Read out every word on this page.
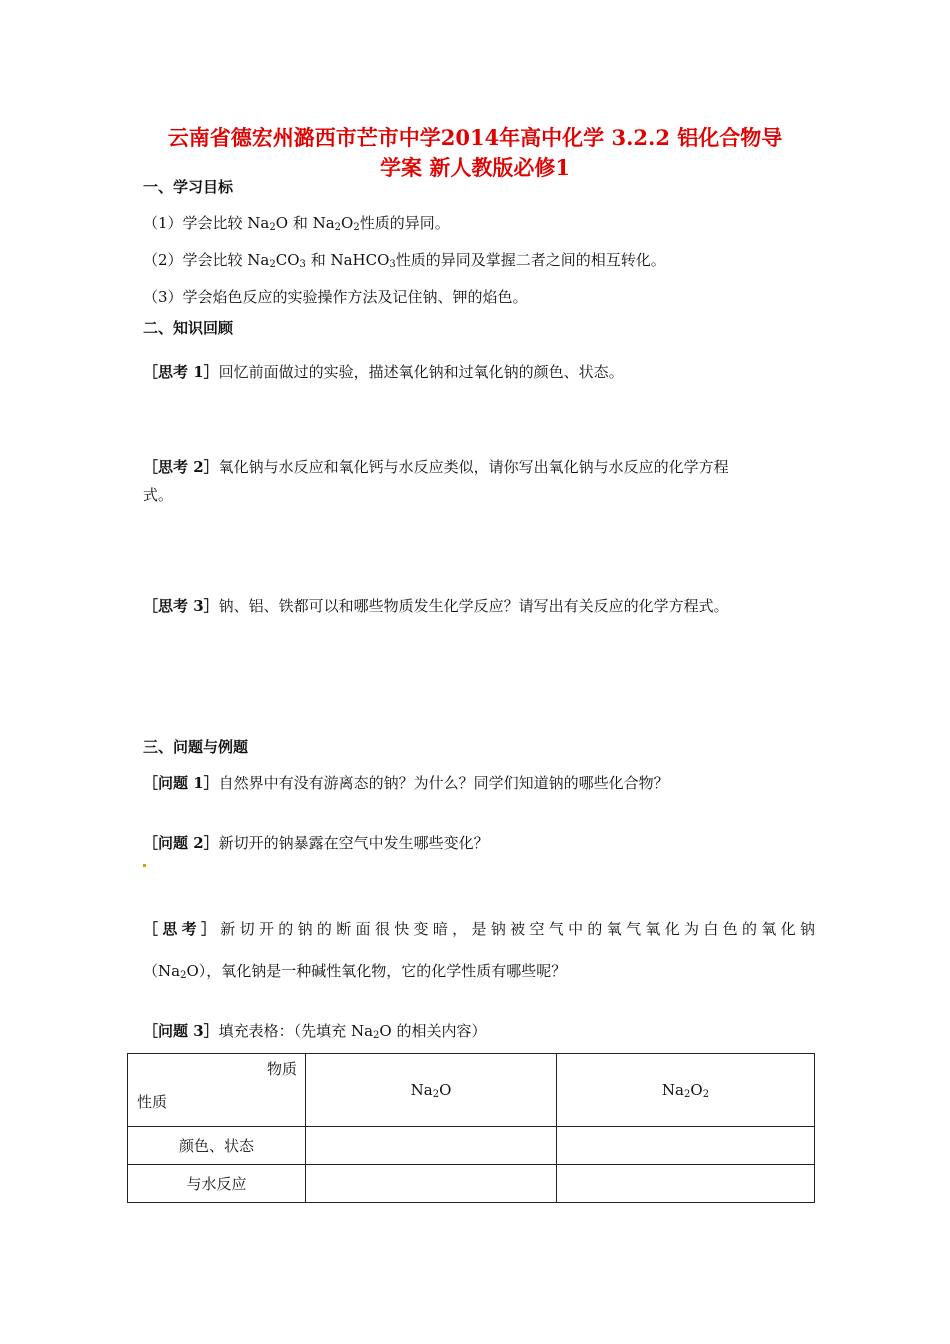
云南省德宏州潞西市芒市中学2014年高中化学 3.2.2 铝化合物导
学案 新人教版必修1
一、学习目标
（1）学会比较 $Na_2O$ 和 $Na_2O_2$性质的异同。
（2）学会比较 $Na_2CO_3$ 和 NaHCO$_3$性质的异同及掌握二者之间的相互转化。
（3）学会焰色反应的实验操作方法及记住钠、钾的焰色。
二、知识回顾
［思考 1］回忆前面做过的实验，描述氧化钠和过氧化钠的颜色、状态。
［思考 2］氧化钠与水反应和氧化钙与水反应类似，请你写出氧化钠与水反应的化学方程
式。
［思考 3］钠、铝、铁都可以和哪些物质发生化学反应？请写出有关反应的化学方程式。
三、问题与例题
［问题 1］自然界中有没有游离态的钠？为什么？同学们知道钠的哪些化合物？
［问题 2］新切开的钠暴露在空气中发生哪些变化？
［思考］新切开的钠的断面很快变暗，是钠被空气中的氧气氧化为白色的氧化钠
$(Na_2O)$，氧化钠是一种碱性氧化物，它的化学性质有哪些呢？
［问题 3］填充表格：（先填充 $Na_2O$ 的相关内容）
物质
性质	$Na_2O$	$Na_2O_2$
颜色、状态		
与水反应		
